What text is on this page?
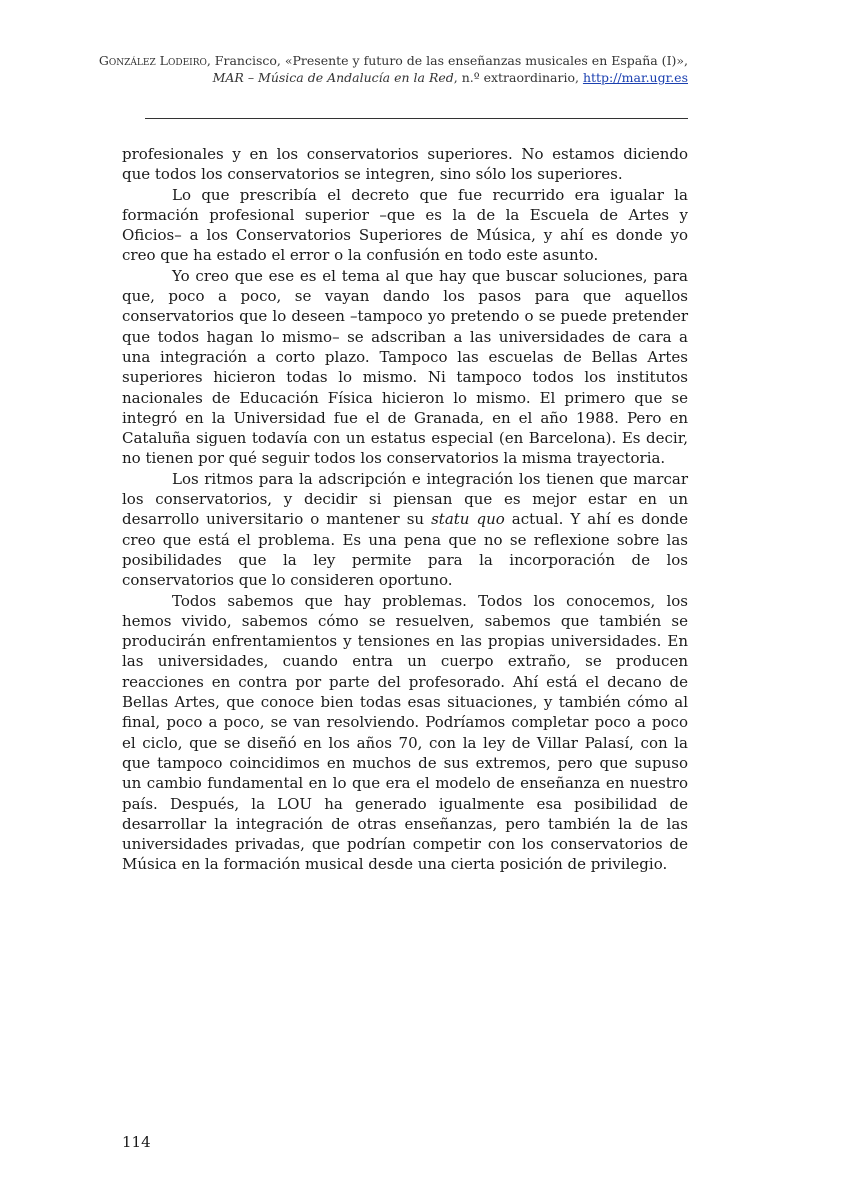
González Lodeiro, Francisco, «Presente y futuro de las enseñanzas musicales en España (I)»,
MAR – Música de Andalucía en la Red, n.º extraordinario, http://mar.ugr.es

profesionales y en los conservatorios superiores. No estamos diciendo que todos los conservatorios se integren, sino sólo los superiores.

Lo que prescribía el decreto que fue recurrido era igualar la formación profesional superior –que es la de la Escuela de Artes y Oficios– a los Conservatorios Superiores de Música, y ahí es donde yo creo que ha estado el error o la confusión en todo este asunto.

Yo creo que ese es el tema al que hay que buscar soluciones, para que, poco a poco, se vayan dando los pasos para que aquellos conservatorios que lo deseen –tampoco yo pretendo o se puede pretender que todos hagan lo mismo– se adscriban a las universidades de cara a una integración a corto plazo. Tampoco las escuelas de Bellas Artes superiores hicieron todas lo mismo. Ni tampoco todos los institutos nacionales de Educación Física hicieron lo mismo. El primero que se integró en la Universidad fue el de Granada, en el año 1988. Pero en Cataluña siguen todavía con un estatus especial (en Barcelona). Es decir, no tienen por qué seguir todos los conservatorios la misma trayectoria.

Los ritmos para la adscripción e integración los tienen que marcar los conservatorios, y decidir si piensan que es mejor estar en un desarrollo universitario o mantener su statu quo actual. Y ahí es donde creo que está el problema. Es una pena que no se reflexione sobre las posibilidades que la ley permite para la incorporación de los conservatorios que lo consideren oportuno.

Todos sabemos que hay problemas. Todos los conocemos, los hemos vivido, sabemos cómo se resuelven, sabemos que también se producirán enfrentamientos y tensiones en las propias universidades. En las universidades, cuando entra un cuerpo extraño, se producen reacciones en contra por parte del profesorado. Ahí está el decano de Bellas Artes, que conoce bien todas esas situaciones, y también cómo al final, poco a poco, se van resolviendo. Podríamos completar poco a poco el ciclo, que se diseñó en los años 70, con la ley de Villar Palasí, con la que tampoco coincidimos en muchos de sus extremos, pero que supuso un cambio fundamental en lo que era el modelo de enseñanza en nuestro país. Después, la LOU ha generado igualmente esa posibilidad de desarrollar la integración de otras enseñanzas, pero también la de las universidades privadas, que podrían competir con los conservatorios de Música en la formación musical desde una cierta posición de privilegio.

114
